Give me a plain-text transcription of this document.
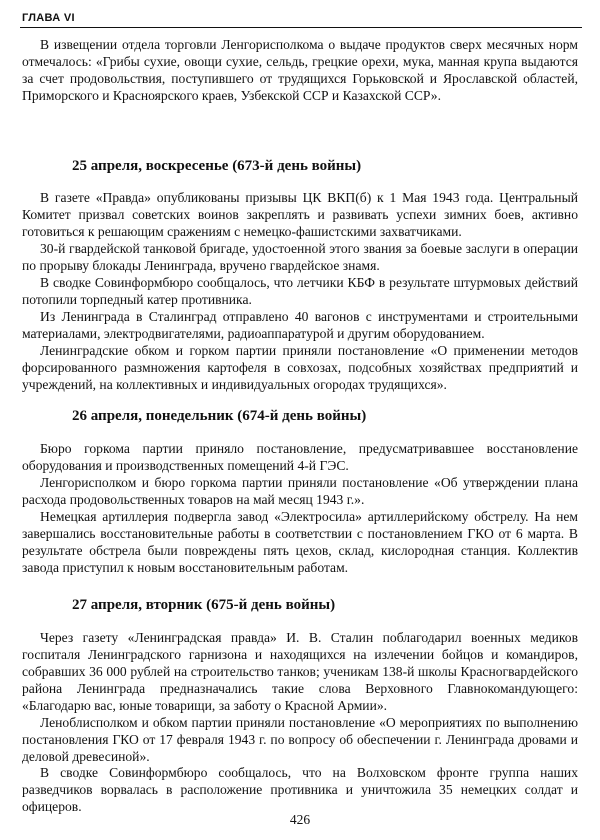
ГЛАВА VI

В извещении отдела торговли Ленгорисполкома о выдаче продуктов сверх месячных норм отмечалось: «Грибы сухие, овощи сухие, сельдь, грецкие орехи, мука, манная крупа выдаются за счет продовольствия, поступившего от трудящихся Горьковской и Ярославской областей, Приморского и Красноярского краев, Узбекской ССР и Казахской ССР».

25 апреля, воскресенье (673-й день войны)

В газете «Правда» опубликованы призывы ЦК ВКП(б) к 1 Мая 1943 года. Центральный Комитет призвал советских воинов закреплять и развивать успехи зимних боев, активно готовиться к решающим сражениям с немецко-фашистскими захватчиками.

30-й гвардейской танковой бригаде, удостоенной этого звания за боевые заслуги в операции по прорыву блокады Ленинграда, вручено гвардейское знамя.

В сводке Совинформбюро сообщалось, что летчики КБФ в результате штурмовых действий потопили торпедный катер противника.

Из Ленинграда в Сталинград отправлено 40 вагонов с инструментами и строительными материалами, электродвигателями, радиоаппаратурой и другим оборудованием.

Ленинградские обком и горком партии приняли постановление «О применении методов форсированного размножения картофеля в совхозах, подсобных хозяйствах предприятий и учреждений, на коллективных и индивидуальных огородах трудящихся».

26 апреля, понедельник (674-й день войны)

Бюро горкома партии приняло постановление, предусматривавшее восстановление оборудования и производственных помещений 4-й ГЭС.

Ленгорисполком и бюро горкома партии приняли постановление «Об утверждении плана расхода продовольственных товаров на май месяц 1943 г.».

Немецкая артиллерия подвергла завод «Электросила» артиллерийскому обстрелу. На нем завершались восстановительные работы в соответствии с постановлением ГКО от 6 марта. В результате обстрела были повреждены пять цехов, склад, кислородная станция. Коллектив завода приступил к новым восстановительным работам.

27 апреля, вторник (675-й день войны)

Через газету «Ленинградская правда» И. В. Сталин поблагодарил военных медиков госпиталя Ленинградского гарнизона и находящихся на излечении бойцов и командиров, собравших 36 000 рублей на строительство танков; ученикам 138-й школы Красногвардейского района Ленинграда предназначались такие слова Верховного Главнокомандующего: «Благодарю вас, юные товарищи, за заботу о Красной Армии».

Леноблисполком и обком партии приняли постановление «О мероприятиях по выполнению постановления ГКО от 17 февраля 1943 г. по вопросу об обеспечении г. Ленинграда дровами и деловой древесиной».

В сводке Совинформбюро сообщалось, что на Волховском фронте группа наших разведчиков ворвалась в расположение противника и уничтожила 35 немецких солдат и офицеров.

426
